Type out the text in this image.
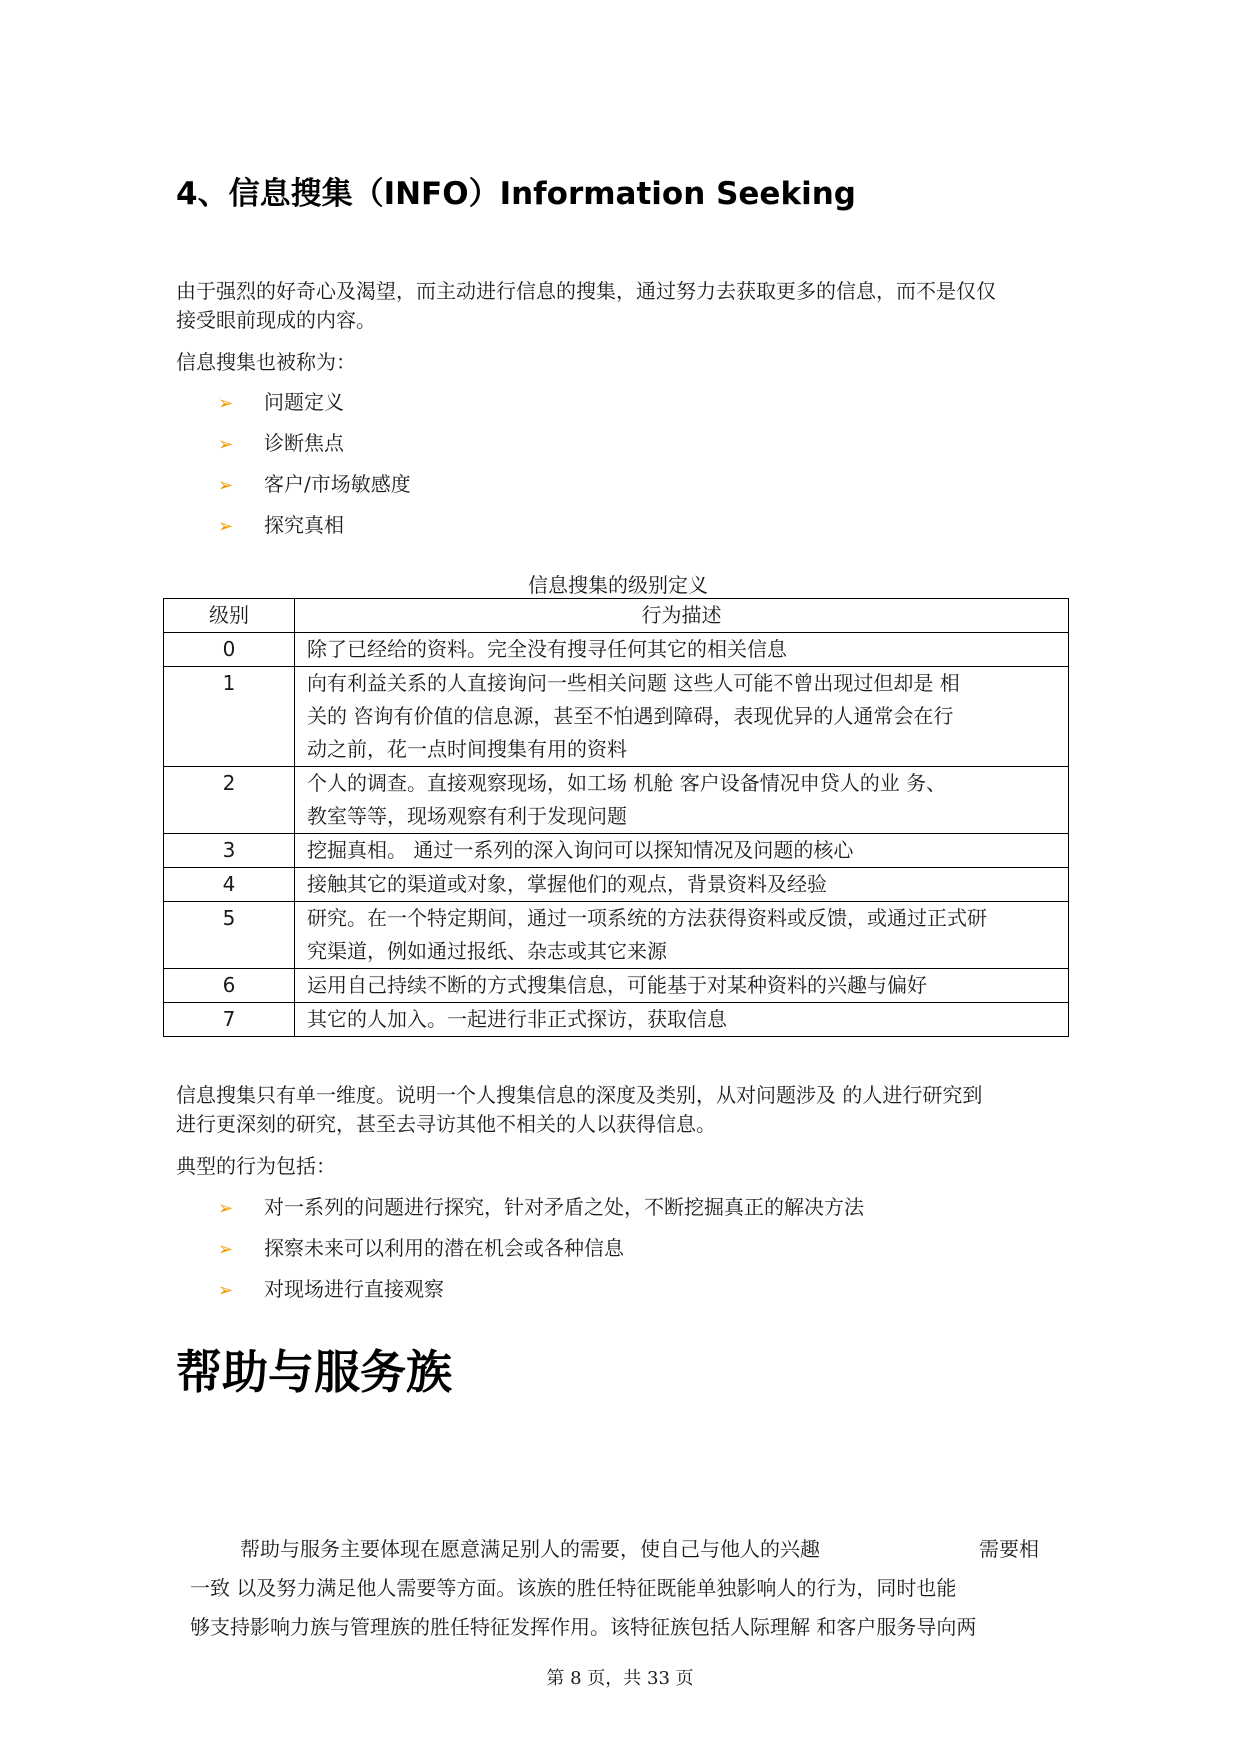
4、信息搜集（INFO）Information Seeking
由于强烈的好奇心及渴望，而主动进行信息的搜集，通过努力去获取更多的信息，而不是仅仅
接受眼前现成的内容。
信息搜集也被称为：
➢ 问题定义
➢ 诊断焦点
➢ 客户/市场敏感度
➢ 探究真相
信息搜集的级别定义
级别	行为描述
0	除了已经给的资料。完全没有搜寻任何其它的相关信息
1	向有利益关系的人直接询问一些相关问题 这些人可能不曾出现过但却是 相
关的 咨询有价值的信息源，甚至不怕遇到障碍，表现优异的人通常会在行
动之前，花一点时间搜集有用的资料
2	个人的调查。直接观察现场，如工场 机舱 客户设备情况申贷人的业 务、
教室等等，现场观察有利于发现问题
3	挖掘真相。 通过一系列的深入询问可以探知情况及问题的核心
4	接触其它的渠道或对象，掌握他们的观点，背景资料及经验
5	研究。在一个特定期间，通过一项系统的方法获得资料或反馈，或通过正式研
究渠道，例如通过报纸、杂志或其它来源
6	运用自己持续不断的方式搜集信息，可能基于对某种资料的兴趣与偏好
7	其它的人加入。一起进行非正式探访，获取信息
信息搜集只有单一维度。说明一个人搜集信息的深度及类别，从对问题涉及 的人进行研究到
进行更深刻的研究，甚至去寻访其他不相关的人以获得信息。
典型的行为包括：
➢ 对一系列的问题进行探究，针对矛盾之处，不断挖掘真正的解决方法
➢ 探察未来可以利用的潜在机会或各种信息
➢ 对现场进行直接观察
帮助与服务族
帮助与服务主要体现在愿意满足别人的需要，使自己与他人的兴趣	需要相
一致 以及努力满足他人需要等方面。该族的胜任特征既能单独影响人的行为，同时也能
够支持影响力族与管理族的胜任特征发挥作用。该特征族包括人际理解 和客户服务导向两
第 8 页，共 33 页
